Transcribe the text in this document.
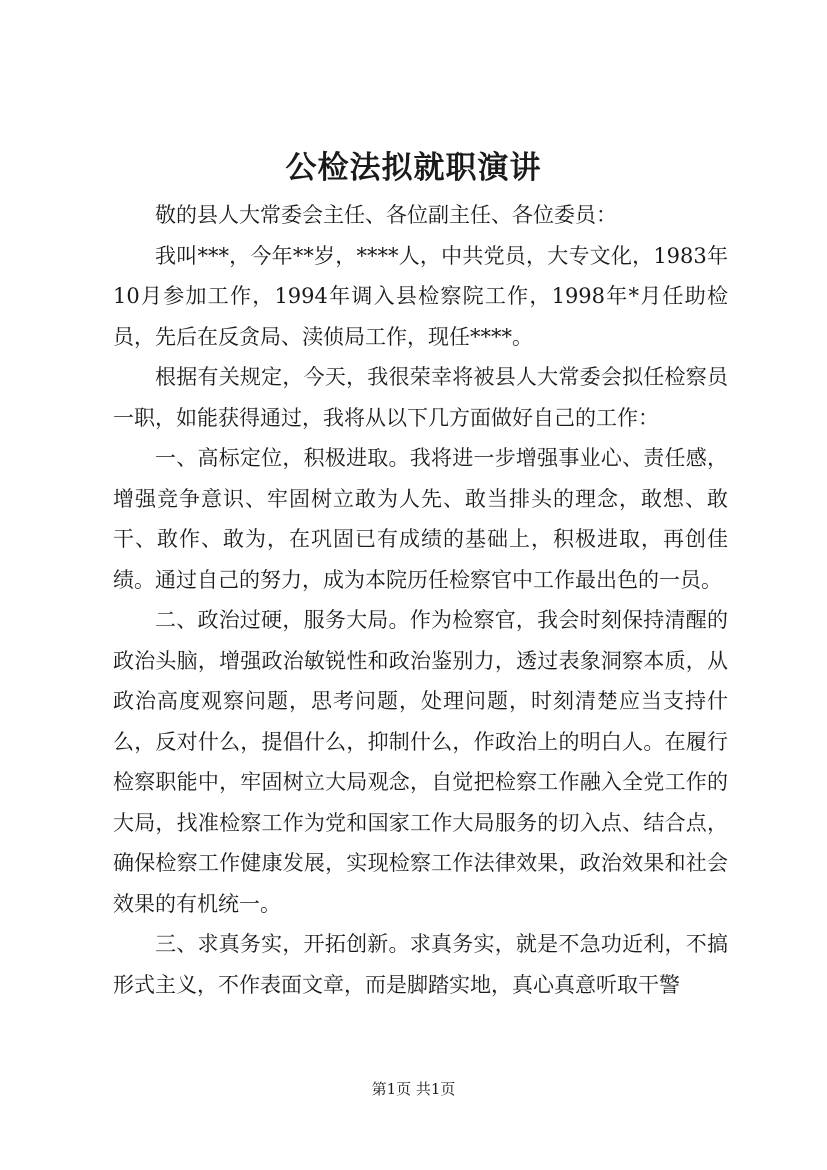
公检法拟就职演讲

敬的县人大常委会主任、各位副主任、各位委员：

我叫***，今年**岁，****人，中共党员，大专文化，1983年10月参加工作，1994年调入县检察院工作，1998年*月任助检员，先后在反贪局、渎侦局工作，现任****。

根据有关规定，今天，我很荣幸将被县人大常委会拟任检察员一职，如能获得通过，我将从以下几方面做好自己的工作：

一、高标定位，积极进取。我将进一步增强事业心、责任感，增强竞争意识、牢固树立敢为人先、敢当排头的理念，敢想、敢干、敢作、敢为，在巩固已有成绩的基础上，积极进取，再创佳绩。通过自己的努力，成为本院历任检察官中工作最出色的一员。

二、政治过硬，服务大局。作为检察官，我会时刻保持清醒的政治头脑，增强政治敏锐性和政治鉴别力，透过表象洞察本质，从政治高度观察问题，思考问题，处理问题，时刻清楚应当支持什么，反对什么，提倡什么，抑制什么，作政治上的明白人。在履行检察职能中，牢固树立大局观念，自觉把检察工作融入全党工作的大局，找准检察工作为党和国家工作大局服务的切入点、结合点，确保检察工作健康发展，实现检察工作法律效果，政治效果和社会效果的有机统一。

三、求真务实，开拓创新。求真务实，就是不急功近利，不搞形式主义，不作表面文章，而是脚踏实地，真心真意听取干警

第1页 共1页
